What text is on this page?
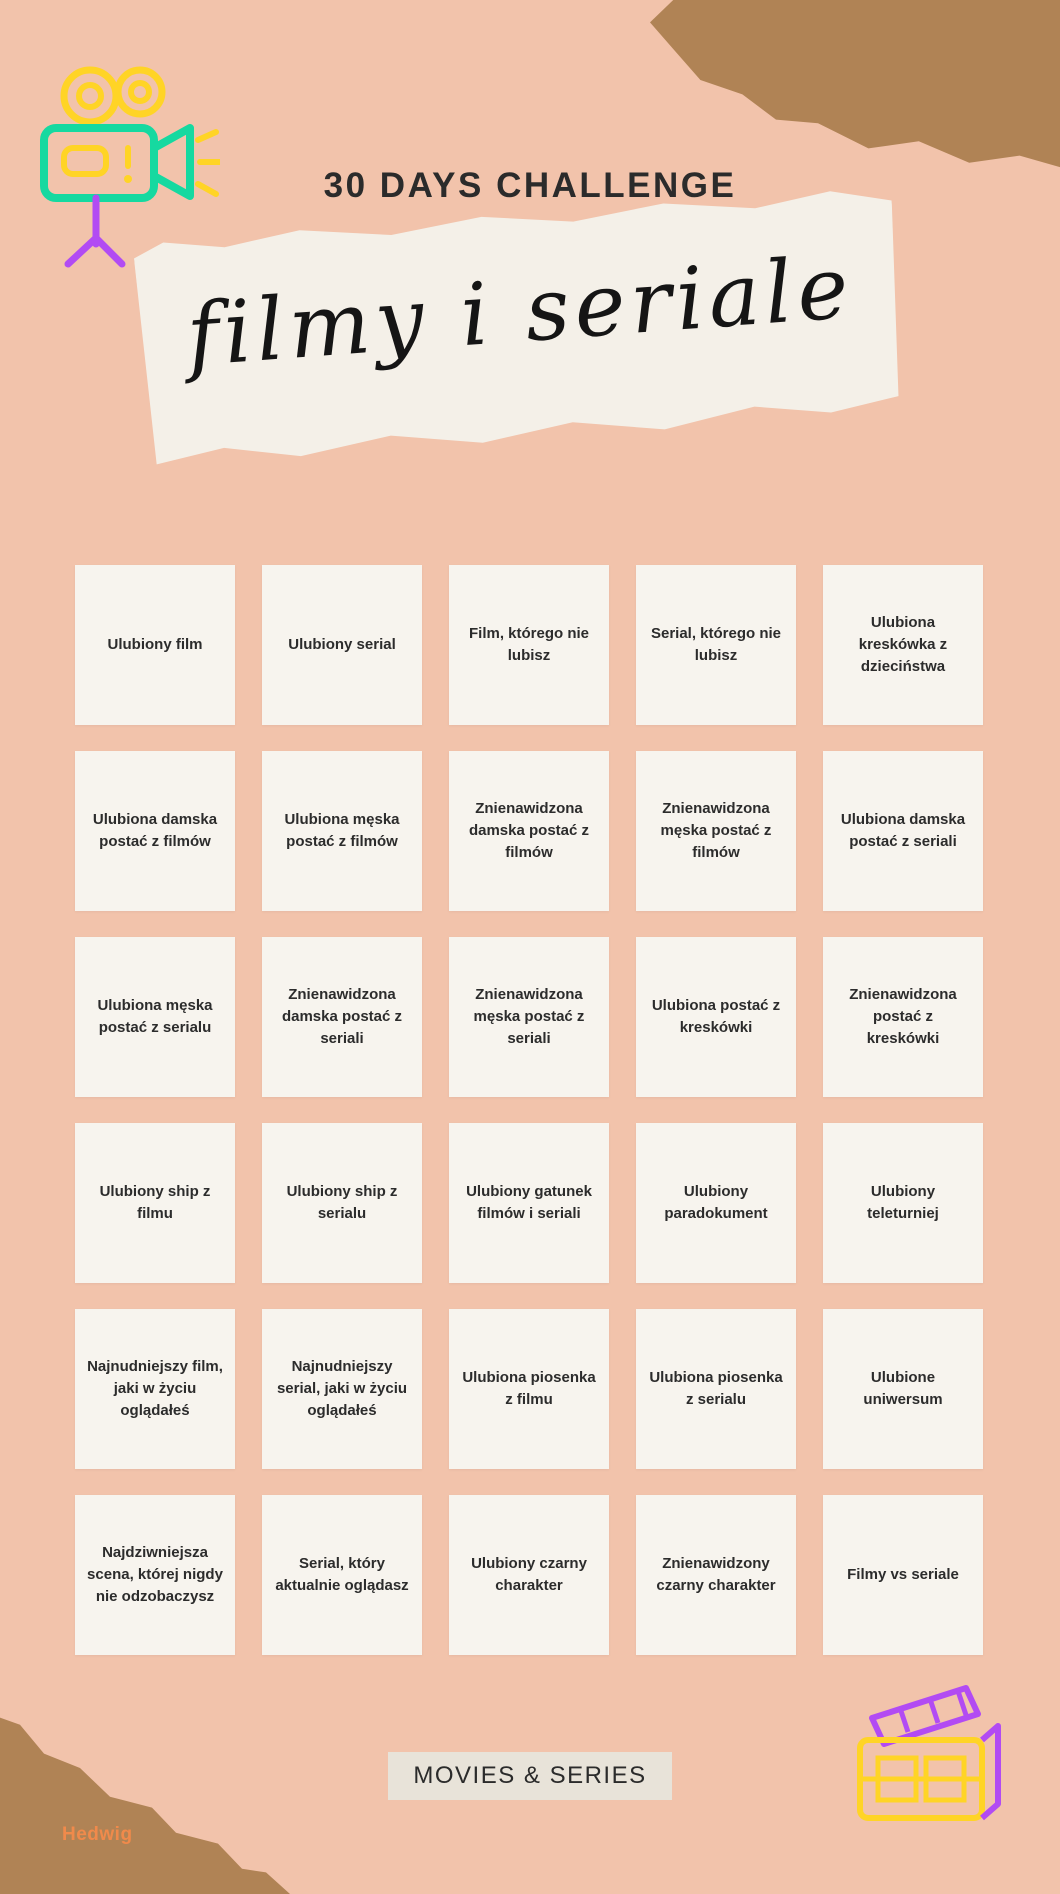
30 DAYS CHALLENGE
filmy i seriale
Ulubiony film	Ulubiony serial
Film, którego nie lubisz
Serial, którego nie lubisz
Ulubiona kreskówka z dzieciństwa
Ulubiona damska postać z filmów
Ulubiona męska postać z filmów
Znienawidzona damska postać z filmów
Znienawidzona męska postać z filmów
Ulubiona damska postać z seriali
Ulubiona męska postać z serialu
Znienawidzona damska postać z seriali
Znienawidzona męska postać z seriali
Ulubiona postać z kreskówki
Znienawidzona postać z kreskówki
Ulubiony ship z filmu
Ulubiony ship z serialu
Ulubiony gatunek filmów i seriali
Ulubiony paradokument
Ulubiony teleturniej
Najnudniejszy film, jaki w życiu oglądałeś
Najnudniejszy serial, jaki w życiu oglądałeś
Ulubiona piosenka z filmu
Ulubiona piosenka z serialu
Ulubione uniwersum
Najdziwniejsza scena, której nigdy nie odzobaczysz
Serial, który aktualnie oglądasz
Ulubiony czarny charakter
Znienawidzony czarny charakter
Filmy vs seriale
MOVIES & SERIES
Hedwig
